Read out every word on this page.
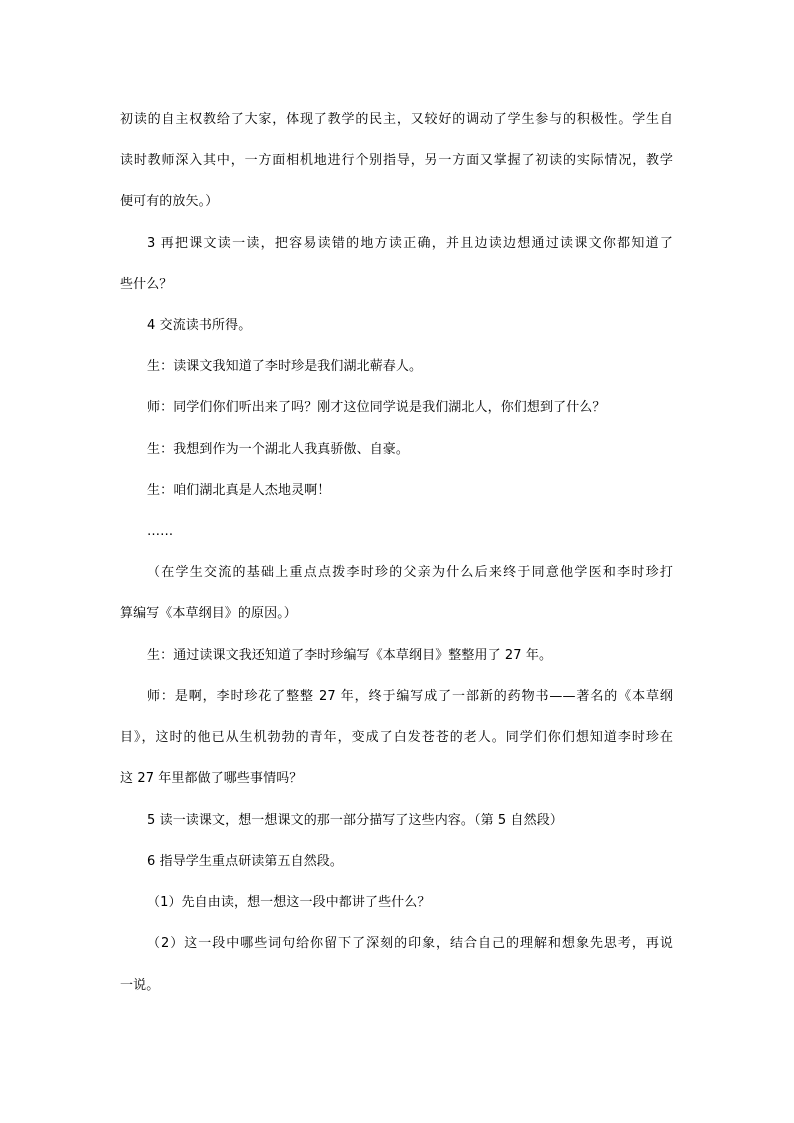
初读的自主权教给了大家，体现了教学的民主，又较好的调动了学生参与的积极性。学生自
读时教师深入其中，一方面相机地进行个别指导，另一方面又掌握了初读的实际情况，教学
便可有的放矢。）
3 再把课文读一读，把容易读错的地方读正确，并且边读边想通过读课文你都知道了
些什么？
4 交流读书所得。
生：读课文我知道了李时珍是我们湖北蕲春人。
师：同学们你们听出来了吗？刚才这位同学说是我们湖北人，你们想到了什么？
生：我想到作为一个湖北人我真骄傲、自豪。
生：咱们湖北真是人杰地灵啊！
……
（在学生交流的基础上重点点拨李时珍的父亲为什么后来终于同意他学医和李时珍打
算编写《本草纲目》的原因。）
生：通过读课文我还知道了李时珍编写《本草纲目》整整用了 27 年。
师：是啊，李时珍花了整整 27 年，终于编写成了一部新的药物书——著名的《本草纲
目》，这时的他已从生机勃勃的青年，变成了白发苍苍的老人。同学们你们想知道李时珍在
这 27 年里都做了哪些事情吗？
5 读一读课文，想一想课文的那一部分描写了这些内容。（第 5 自然段）
6 指导学生重点研读第五自然段。
（1）先自由读，想一想这一段中都讲了些什么？
（2）这一段中哪些词句给你留下了深刻的印象，结合自己的理解和想象先思考，再说
一说。
